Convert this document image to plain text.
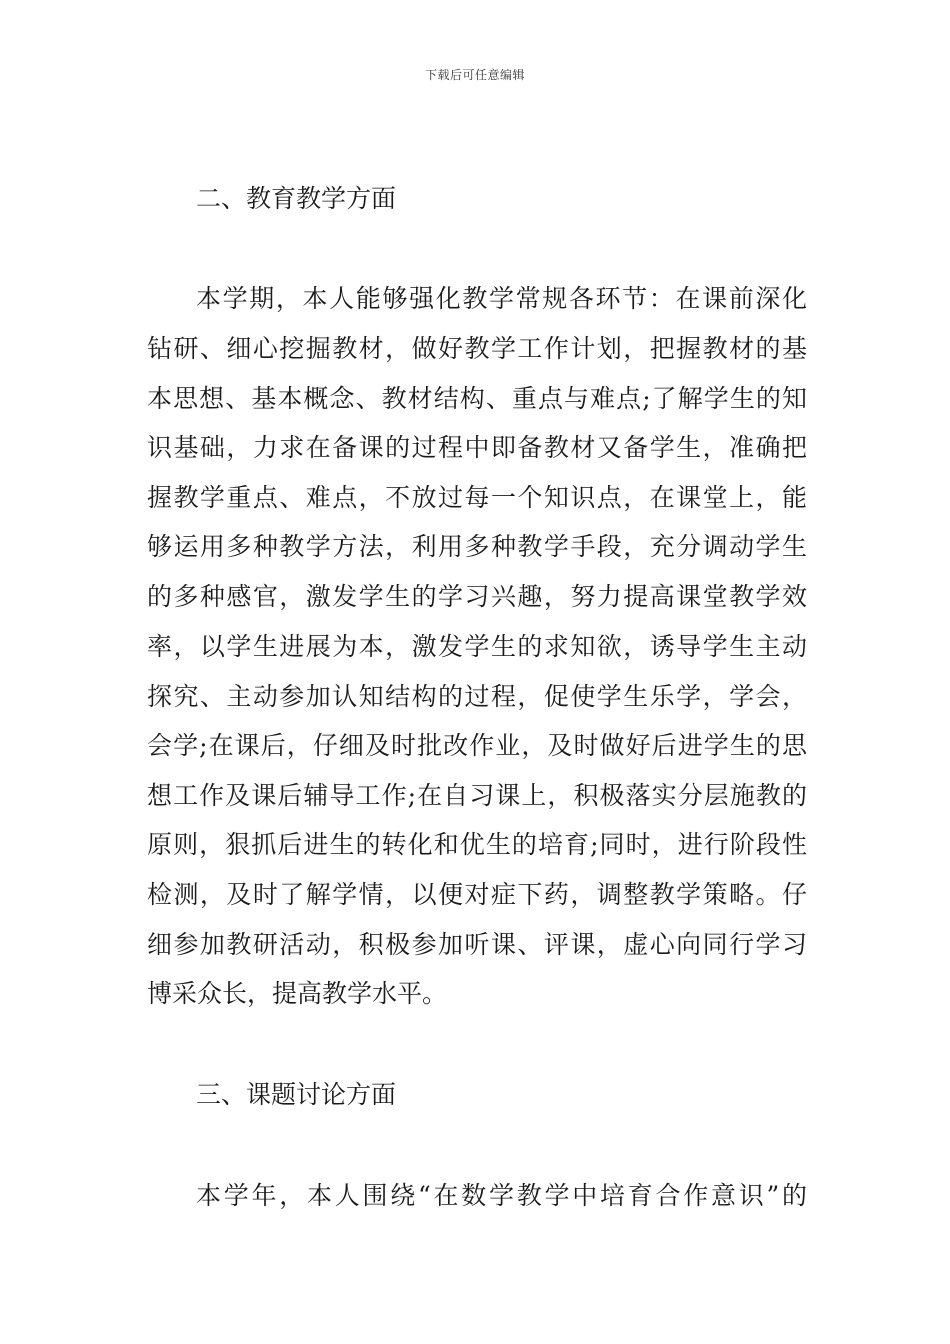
下载后可任意编辑
二、教育教学方面
本学期，本人能够强化教学常规各环节：在课前深化
钻研、细心挖掘教材，做好教学工作计划，把握教材的基
本思想、基本概念、教材结构、重点与难点;了解学生的知
识基础，力求在备课的过程中即备教材又备学生，准确把
握教学重点、难点，不放过每一个知识点，在课堂上，能
够运用多种教学方法，利用多种教学手段，充分调动学生
的多种感官，激发学生的学习兴趣，努力提高课堂教学效
率，以学生进展为本，激发学生的求知欲，诱导学生主动
探究、主动参加认知结构的过程，促使学生乐学，学会，
会学;在课后，仔细及时批改作业，及时做好后进学生的思
想工作及课后辅导工作;在自习课上，积极落实分层施教的
原则，狠抓后进生的转化和优生的培育;同时，进行阶段性
检测，及时了解学情，以便对症下药，调整教学策略。仔
细参加教研活动，积极参加听课、评课，虚心向同行学习
博采众长，提高教学水平。
三、课题讨论方面
本学年，本人围绕“在数学教学中培育合作意识”的
